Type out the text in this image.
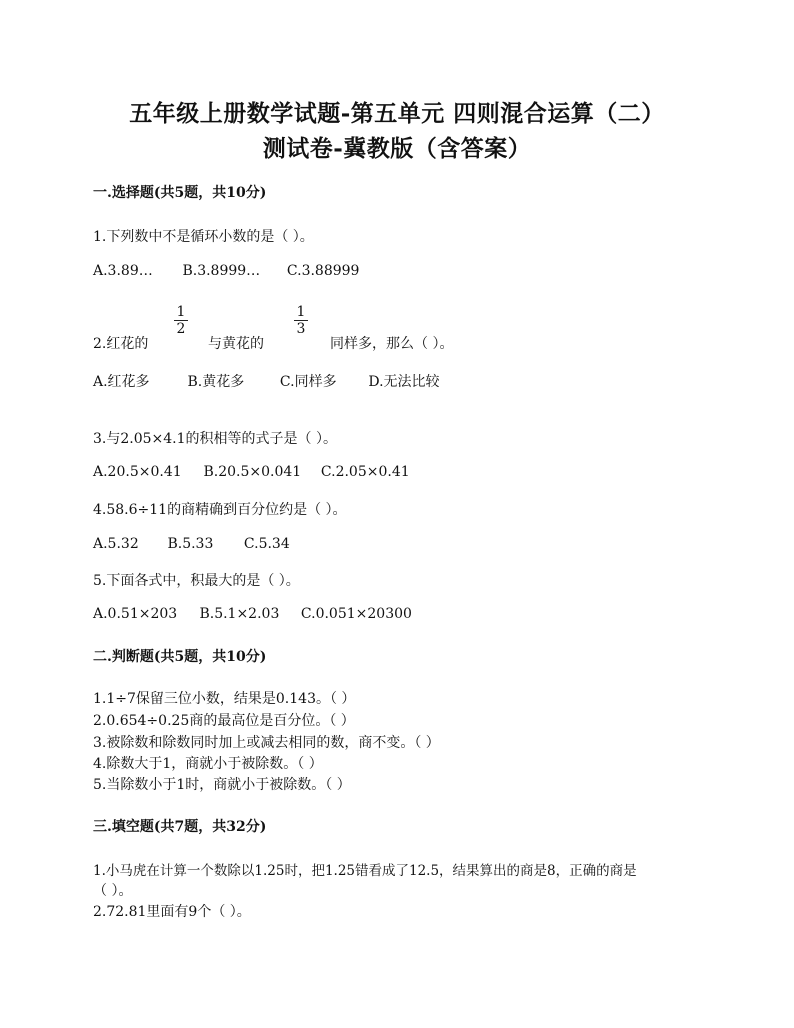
五年级上册数学试题-第五单元 四则混合运算（二）
测试卷-冀教版（含答案）
一.选择题(共5题，共10分)
1.下列数中不是循环小数的是（ ）。
A.3.89… B.3.8999… C.3.88999
2.红花的
1
2
与黄花的
1
3
同样多，那么（ ）。
A.红花多	B.黄花多	C.同样多 D.无法比较
3.与2.05×4.1的积相等的式子是（ ）。
A.20.5×0.41 B.20.5×0.041 C.2.05×0.41
4.58.6÷11的商精确到百分位约是（ ）。
A.5.32 B.5.33 C.5.34
5.下面各式中，积最大的是（ ）。
A.0.51×203 B.5.1×2.03 C.0.051×20300
二.判断题(共5题，共10分)
1.1÷7保留三位小数，结果是0.143。（ ）
2.0.654÷0.25商的最高位是百分位。（ ）
3.被除数和除数同时加上或减去相同的数，商不变。（ ）
4.除数大于1，商就小于被除数。（ ）
5.当除数小于1时，商就小于被除数。（ ）
三.填空题(共7题，共32分)
1.小马虎在计算一个数除以1.25时，把1.25错看成了12.5，结果算出的商是8，正确的商是
（ ）。
2.72.81里面有9个（ ）。
